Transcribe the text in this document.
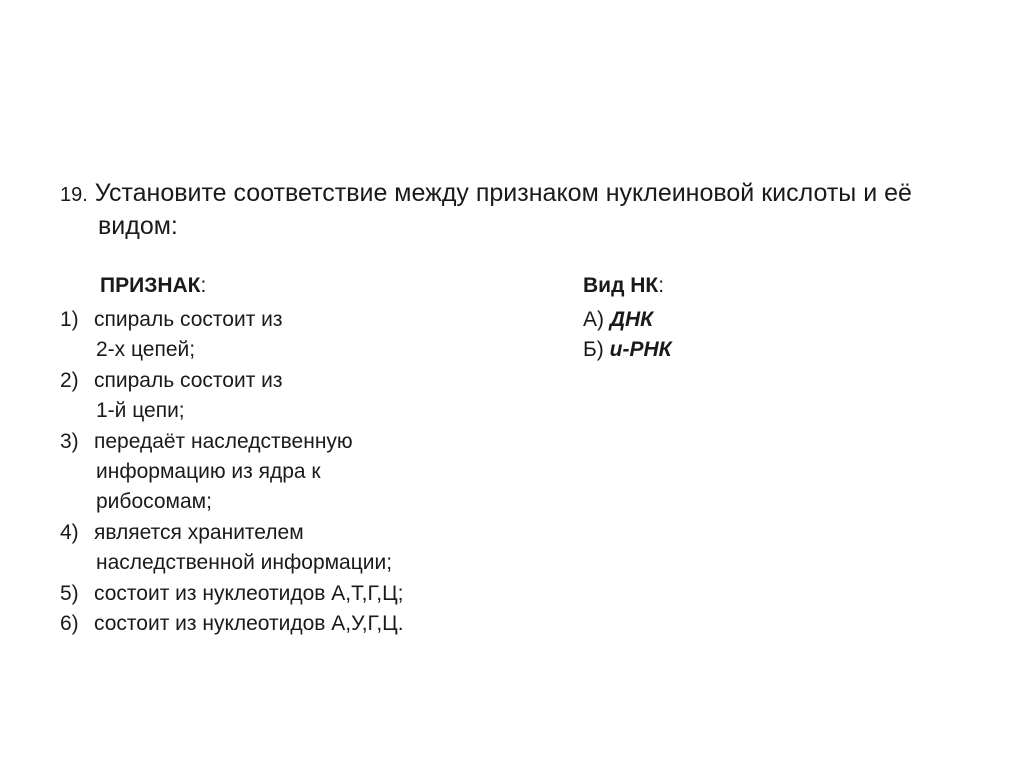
19. Установите соответствие между признаком нуклеиновой кислоты и её
видом:
ПРИЗНАК:	Вид НК:
1) спираль состоит из
2-х цепей;
2) спираль состоит из
1-й цепи;
3) передаёт наследственную
информацию из ядра к
рибосомам;
4) является хранителем
наследственной информации;
5) состоит из нуклеотидов А,Т,Г,Ц;
6) состоит из нуклеотидов А,У,Г,Ц.
А) ДНК
Б) и-РНК
